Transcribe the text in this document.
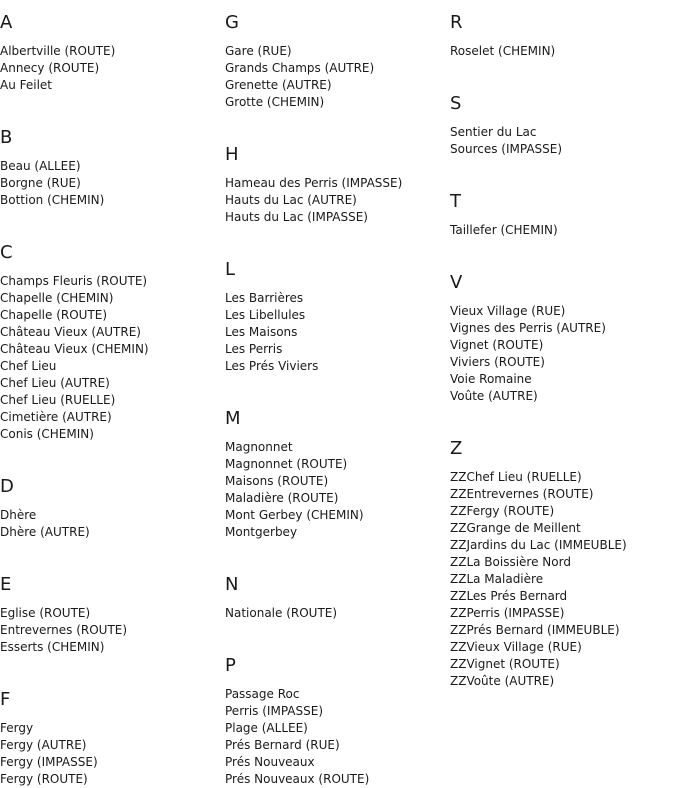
A
Albertville (ROUTE)
Annecy (ROUTE)
Au Feilet
B
Beau (ALLEE)
Borgne (RUE)
Bottion (CHEMIN)
C
Champs Fleuris (ROUTE)
Chapelle (CHEMIN)
Chapelle (ROUTE)
Château Vieux (AUTRE)
Château Vieux (CHEMIN)
Chef Lieu
Chef Lieu (AUTRE)
Chef Lieu (RUELLE)
Cimetière (AUTRE)
Conis (CHEMIN)
D
Dhère
Dhère (AUTRE)
E
Eglise (ROUTE)
Entrevernes (ROUTE)
Esserts (CHEMIN)
F
Fergy
Fergy (AUTRE)
Fergy (IMPASSE)
Fergy (ROUTE)
G
Gare (RUE)
Grands Champs (AUTRE)
Grenette (AUTRE)
Grotte (CHEMIN)
H
Hameau des Perris (IMPASSE)
Hauts du Lac (AUTRE)
Hauts du Lac (IMPASSE)
L
Les Barrières
Les Libellules
Les Maisons
Les Perris
Les Prés Viviers
M
Magnonnet
Magnonnet (ROUTE)
Maisons (ROUTE)
Maladière (ROUTE)
Mont Gerbey (CHEMIN)
Montgerbey
N
Nationale (ROUTE)
P
Passage Roc
Perris (IMPASSE)
Plage (ALLEE)
Prés Bernard (RUE)
Prés Nouveaux
Prés Nouveaux (ROUTE)
R
Roselet (CHEMIN)
S
Sentier du Lac
Sources (IMPASSE)
T
Taillefer (CHEMIN)
V
Vieux Village (RUE)
Vignes des Perris (AUTRE)
Vignet (ROUTE)
Viviers (ROUTE)
Voie Romaine
Voûte (AUTRE)
Z
ZZChef Lieu (RUELLE)
ZZEntrevernes (ROUTE)
ZZFergy (ROUTE)
ZZGrange de Meillent
ZZJardins du Lac (IMMEUBLE)
ZZLa Boissière Nord
ZZLa Maladière
ZZLes Prés Bernard
ZZPerris (IMPASSE)
ZZPrés Bernard (IMMEUBLE)
ZZVieux Village (RUE)
ZZVignet (ROUTE)
ZZVoûte (AUTRE)
